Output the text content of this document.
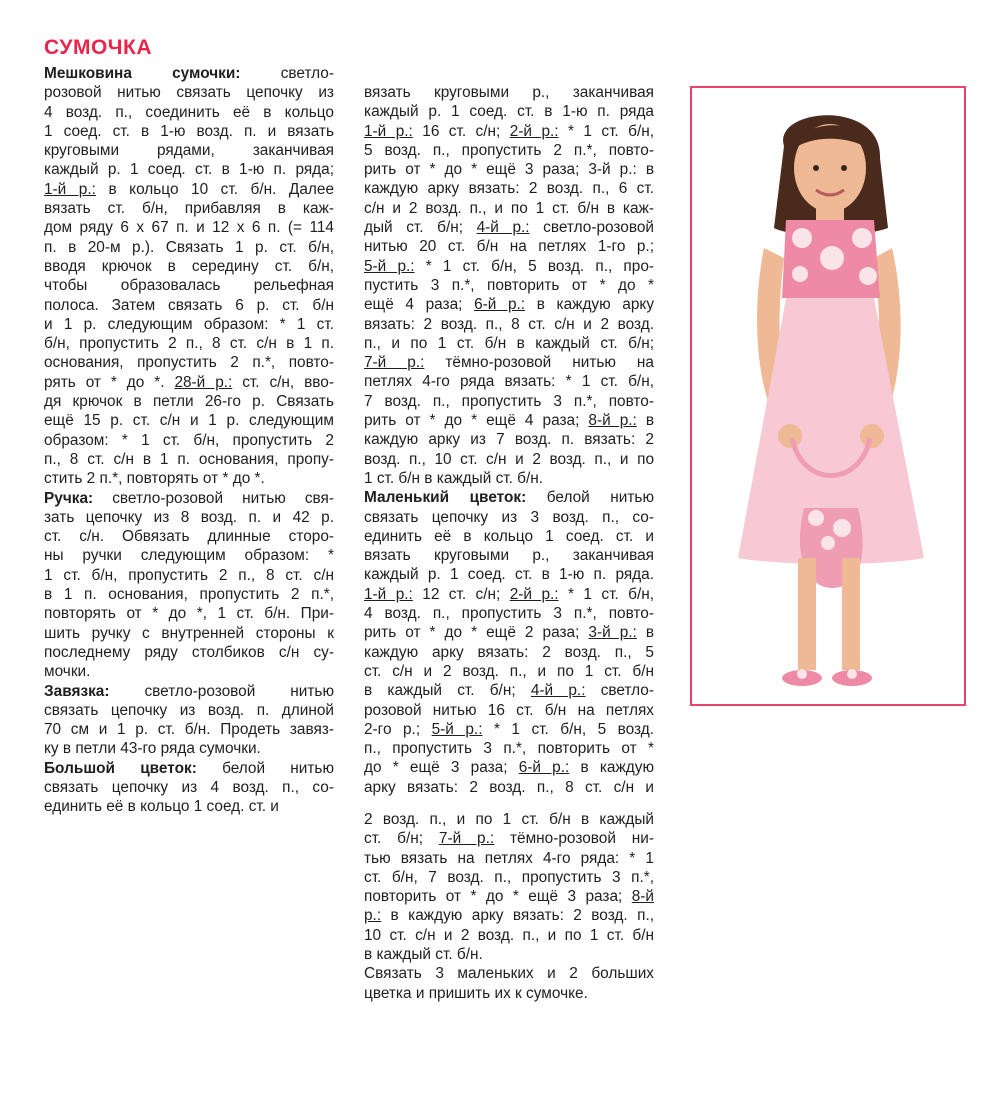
СУМОЧКА
Мешковина сумочки: светло-
розовой нитью связать цепочку из
4 возд. п., соединить её в кольцо
1 соед. ст. в 1-ю возд. п. и вязать
круговыми рядами, заканчивая
каждый р. 1 соед. ст. в 1-ю п. ряда;
1-й р.: в кольцо 10 ст. б/н. Далее
вязать ст. б/н, прибавляя в каж-
дом ряду 6 х 67 п. и 12 х 6 п. (= 114
п. в 20-м р.). Связать 1 р. ст. б/н,
вводя крючок в середину ст. б/н,
чтобы образовалась рельефная
полоса. Затем связать 6 р. ст. б/н
и 1 р. следующим образом: * 1 ст.
б/н, пропустить 2 п., 8 ст. с/н в 1 п.
основания, пропустить 2 п.*, повто-
рять от * до *. 28-й р.: ст. с/н, вво-
дя крючок в петли 26-го р. Связать
ещё 15 р. ст. с/н и 1 р. следующим
образом: * 1 ст. б/н, пропустить 2
п., 8 ст. с/н в 1 п. основания, пропу-
стить 2 п.*, повторять от * до *.
Ручка: светло-розовой нитью свя-
зать цепочку из 8 возд. п. и 42 р.
ст. с/н. Обвязать длинные сторо-
ны ручки следующим образом: *
1 ст. б/н, пропустить 2 п., 8 ст. с/н
в 1 п. основания, пропустить 2 п.*,
повторять от * до *, 1 ст. б/н. При-
шить ручку с внутренней стороны к
последнему ряду столбиков с/н су-
мочки.
Завязка: светло-розовой нитью
связать цепочку из возд. п. длиной
70 см и 1 р. ст. б/н. Продеть завяз-
ку в петли 43-го ряда сумочки.
Большой цветок: белой нитью
связать цепочку из 4 возд. п., со-
единить её в кольцо 1 соед. ст. и
вязать круговыми р., заканчивая
каждый р. 1 соед. ст. в 1-ю п. ряда
1-й р.: 16 ст. с/н; 2-й р.: * 1 ст. б/н,
5 возд. п., пропустить 2 п.*, повто-
рить от * до * ещё 3 раза; 3-й р.: в
каждую арку вязать: 2 возд. п., 6 ст.
с/н и 2 возд. п., и по 1 ст. б/н в каж-
дый ст. б/н; 4-й р.: светло-розовой
нитью 20 ст. б/н на петлях 1-го р.;
5-й р.: * 1 ст. б/н, 5 возд. п., про-
пустить 3 п.*, повторить от * до *
ещё 4 раза; 6-й р.: в каждую арку
вязать: 2 возд. п., 8 ст. с/н и 2 возд.
п., и по 1 ст. б/н в каждый ст. б/н;
7-й р.: тёмно-розовой нитью на
петлях 4-го ряда вязать: * 1 ст. б/н,
7 возд. п., пропустить 3 п.*, повто-
рить от * до * ещё 4 раза; 8-й р.: в
каждую арку из 7 возд. п. вязать: 2
возд. п., 10 ст. с/н и 2 возд. п., и по
1 ст. б/н в каждый ст. б/н.
Маленький цветок: белой нитью
связать цепочку из 3 возд. п., со-
единить её в кольцо 1 соед. ст. и
вязать круговыми р., заканчивая
каждый р. 1 соед. ст. в 1-ю п. ряда.
1-й р.: 12 ст. с/н; 2-й р.: * 1 ст. б/н,
4 возд. п., пропустить 3 п.*, повто-
рить от * до * ещё 2 раза; 3-й р.: в
каждую арку вязать: 2 возд. п., 5
ст. с/н и 2 возд. п., и по 1 ст. б/н
в каждый ст. б/н; 4-й р.: светло-
розовой нитью 16 ст. б/н на петлях
2-го р.; 5-й р.: * 1 ст. б/н, 5 возд.
п., пропустить 3 п.*, повторить от *
до * ещё 3 раза; 6-й р.: в каждую
арку вязать: 2 возд. п., 8 ст. с/н и
2 возд. п., и по 1 ст. б/н в каждый
ст. б/н; 7-й р.: тёмно-розовой ни-
тью вязать на петлях 4-го ряда: * 1
ст. б/н, 7 возд. п., пропустить 3 п.*,
повторить от * до * ещё 3 раза; 8-й
р.: в каждую арку вязать: 2 возд. п.,
10 ст. с/н и 2 возд. п., и по 1 ст. б/н
в каждый ст. б/н.
Связать 3 маленьких и 2 больших
цветка и пришить их к сумочке.
